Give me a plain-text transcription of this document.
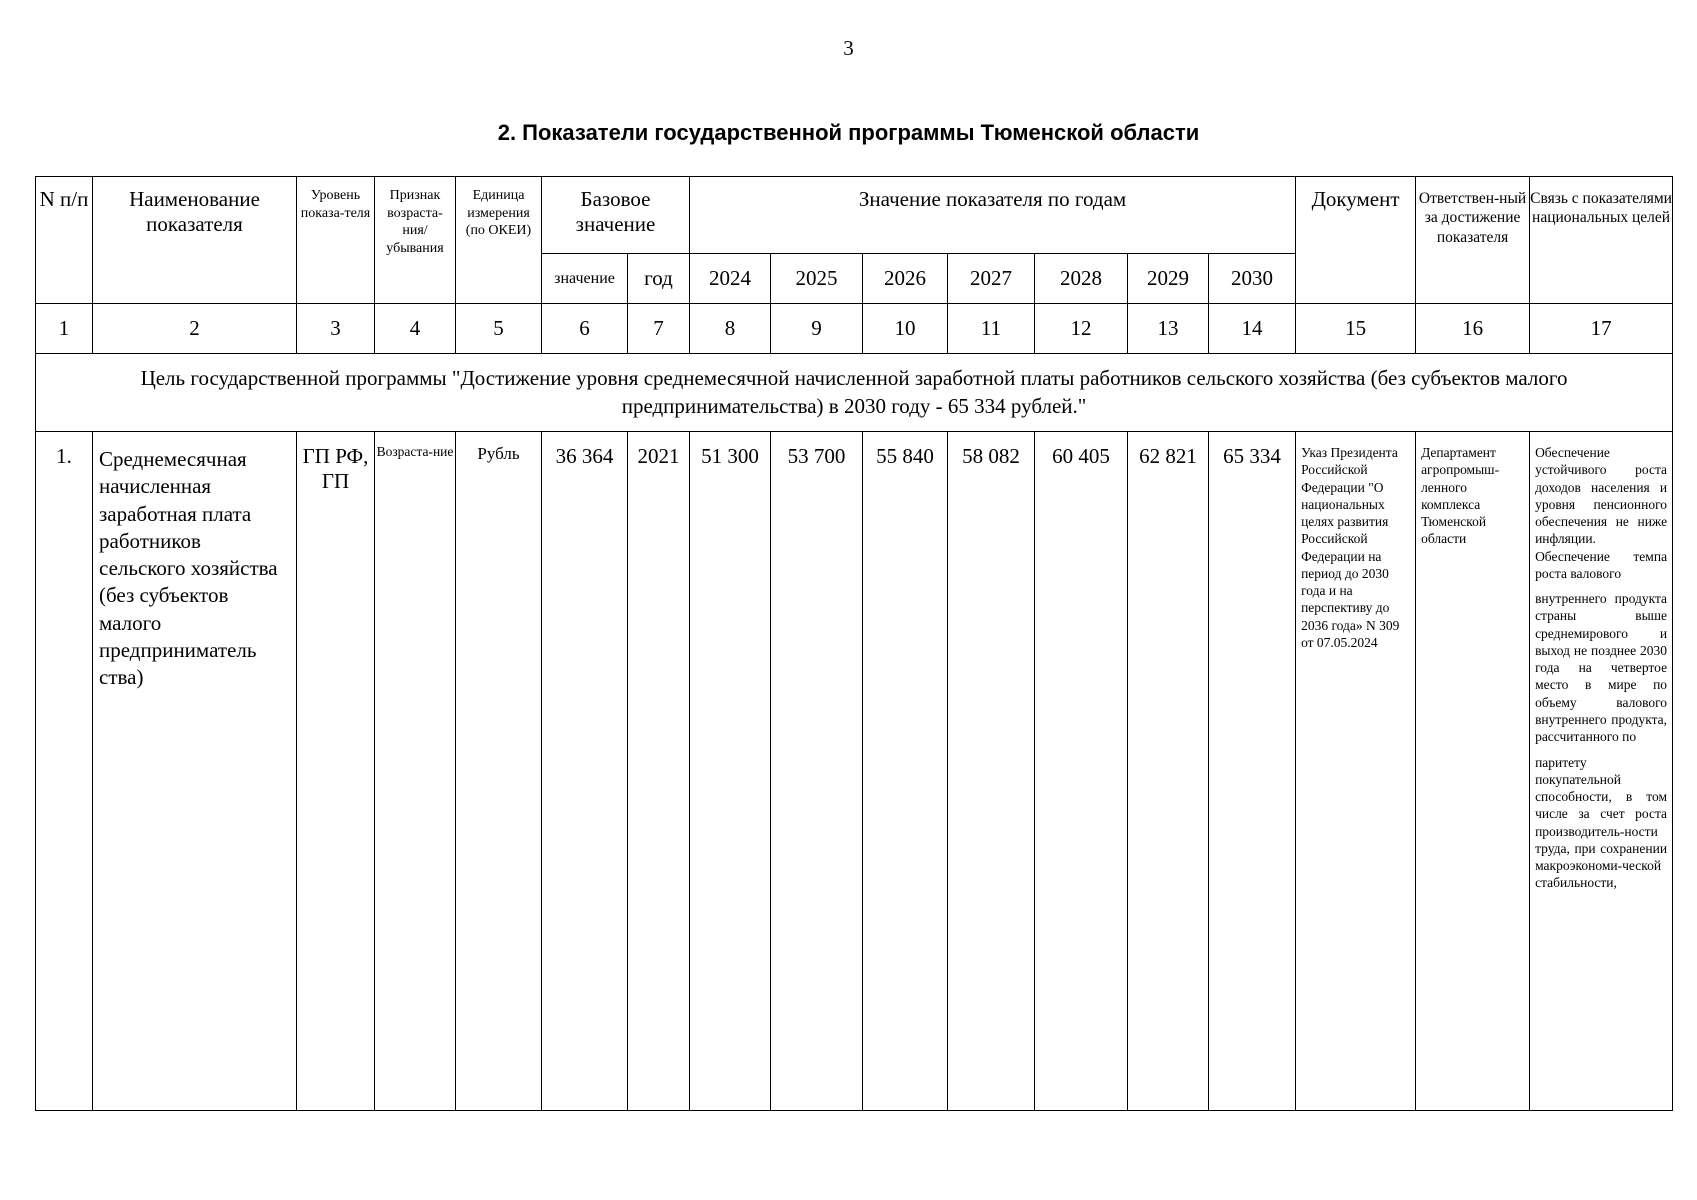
3
2. Показатели государственной программы Тюменской области
N п/п	Наименование показателя	Уровень показа-теля	Признак возраста-ния/ убывания	Единица измерения (по ОКЕИ)	Базовое значение		Значение показателя по годам							Документ	Ответствен-ный за достижение показателя	Связь с показателями национальных целей
					значение	год	2024	2025	2026	2027	2028	2029	2030			
1	2	3	4	5	6	7	8	9	10	11	12	13	14	15	16	17
Цель государственной программы "Достижение уровня среднемесячной начисленной заработной платы работников сельского хозяйства (без субъектов малого предпринимательства) в 2030 году - 65 334 рублей."																
1.	Среднемесячная начисленная заработная плата работников сельского хозяйства (без субъектов малого предприниматель ства)	ГП РФ, ГП	Возраста-ние	Рубль	36 364	2021	51 300	53 700	55 840	58 082	60 405	62 821	65 334	Указ Президента Российской Федерации "О национальных целях развития Российской Федерации на период до 2030 года и на перспективу до 2036 года» N 309 от 07.05.2024	Департамент агропромыш-ленного комплекса Тюменской области	Обеспечение устойчивого роста доходов населения и уровня пенсионного обеспечения не ниже инфляции. Обеспечение темпа роста валового
внутреннего продукта страны выше среднемирового и выход не позднее 2030 года на четвертое место в мире по объему валового внутреннего продукта, рассчитанного по
паритету покупательной способности, в том числе за счет роста производитель-ности труда, при сохранении макроэкономи-ческой стабильности,
